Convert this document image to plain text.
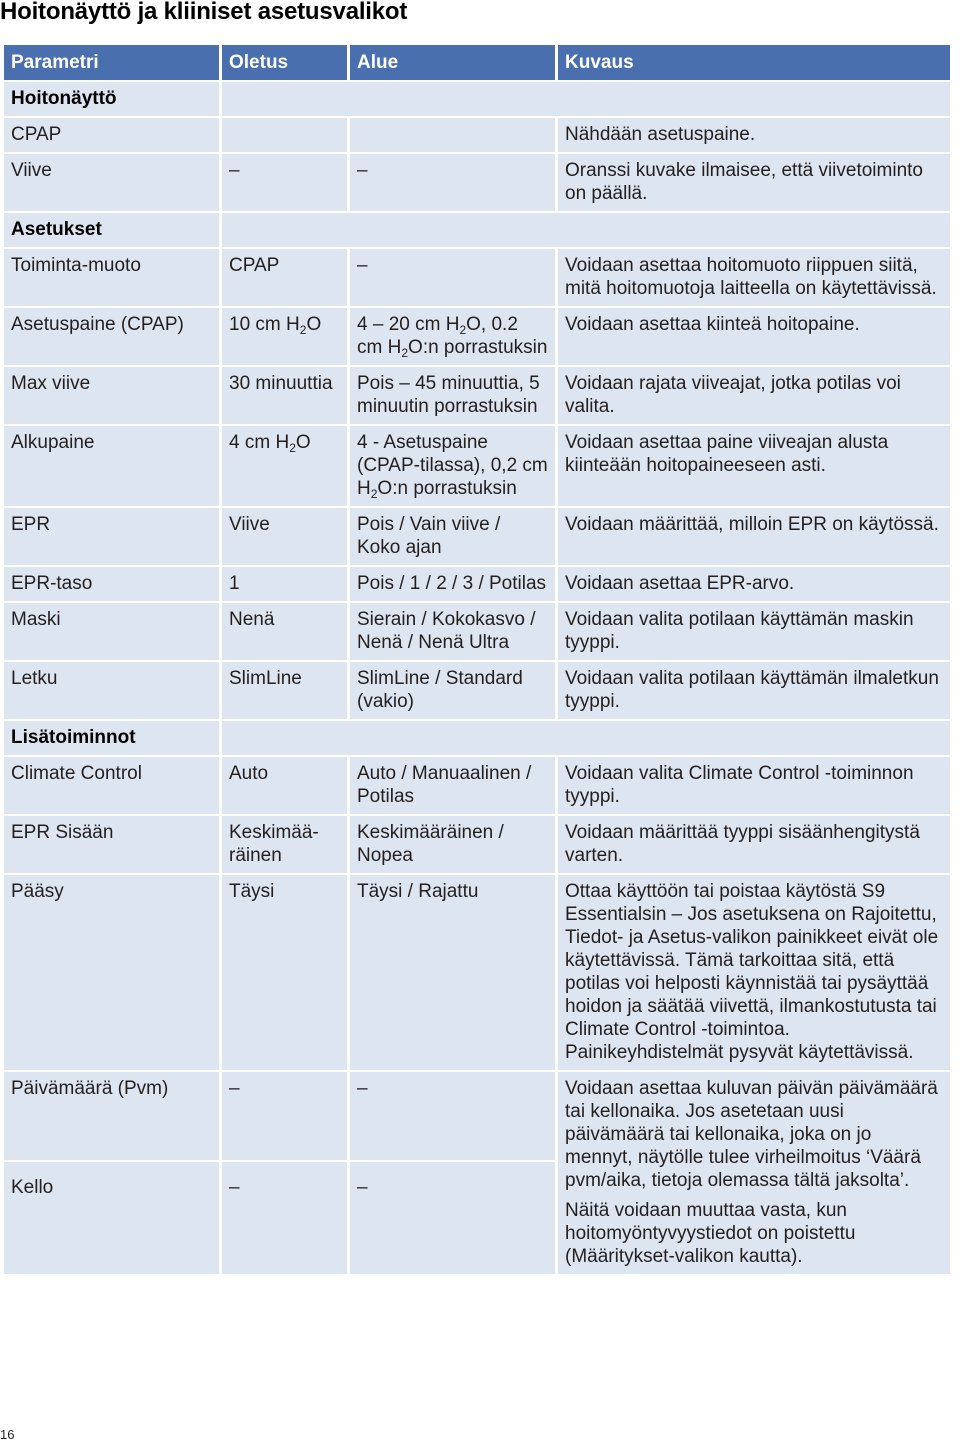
Hoitonäyttö ja kliiniset asetusvalikot
Parametri	Oletus	Alue	Kuvaus
Hoitonäyttö			
CPAP			Nähdään asetuspaine.
Viive	–	–	Oranssi kuvake ilmaisee, että viivetoiminto on päällä.
Asetukset			
Toiminta-muoto	CPAP	–	Voidaan asettaa hoitomuoto riippuen siitä, mitä hoitomuotoja laitteella on käytettävissä.
Asetuspaine (CPAP)	10 cm $H_2O$	4 – 20 cm $H_2O$, 0.2 cm $H_2O:n$ porrastuksin	Voidaan asettaa kiinteä hoitopaine.
Max viive	30 minuuttia	Pois – 45 minuuttia, 5 minuutin porrastuksin	Voidaan rajata viiveajat, jotka potilas voi valita.
Alkupaine	4 cm $H_2O$	4 - Asetuspaine (CPAP-tilassa), 0,2 cm $H_2O:n$ porrastuksin	Voidaan asettaa paine viiveajan alusta kiinteään hoitopaineeseen asti.
EPR	Viive	Pois / Vain viive / Koko ajan	Voidaan määrittää, milloin EPR on käytössä.
EPR-taso	1	Pois / 1 / 2 / 3 / Potilas	Voidaan asettaa EPR-arvo.
Maski	Nenä	Sierain / Kokokasvo / Nenä / Nenä Ultra	Voidaan valita potilaan käyttämän maskin tyyppi.
Letku	SlimLine	SlimLine / Standard (vakio)	Voidaan valita potilaan käyttämän ilmaletkun tyyppi.
Lisätoiminnot			
Climate Control	Auto	Auto / Manuaalinen / Potilas	Voidaan valita Climate Control -toiminnon tyyppi.
EPR Sisään	Keskimää-räinen	Keskimääräinen / Nopea	Voidaan määrittää tyyppi sisäänhengitystä varten.
Pääsy	Täysi	Täysi / Rajattu	Ottaa käyttöön tai poistaa käytöstä S9 Essentialsin – Jos asetuksena on Rajoitettu, Tiedot- ja Asetus-valikon painikkeet eivät ole käytettävissä. Tämä tarkoittaa sitä, että potilas voi helposti käynnistää tai pysäyttää hoidon ja säätää viivettä, ilmankostutusta tai Climate Control -toimintoa. Painikeyhdistelmät pysyvät käytettävissä.
Päivämäärä (Pvm)	–	–	Voidaan asettaa kuluvan päivän päivämäärä tai kellonaika. Jos asetetaan uusi päivämäärä tai kellonaika, joka on jo mennyt, näytölle tulee virheilmoitus ‘Väärä pvm/aika, tietoja olemassa tältä jaksolta’.

Näitä voidaan muuttaa vasta, kun hoitomyöntyvyystiedot on poistettu (Määritykset-valikon kautta).

Kello	–	–	
16
